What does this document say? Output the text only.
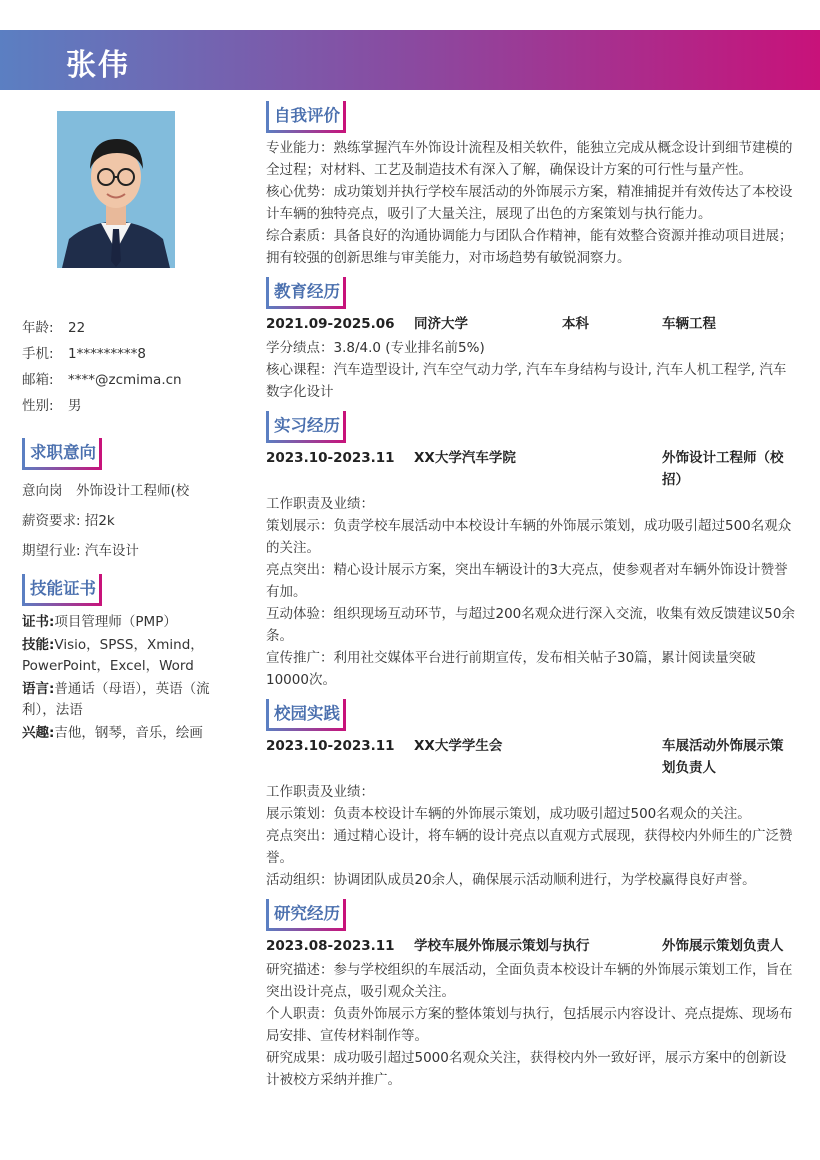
张伟
年龄: 22
手机: 1*********8
邮箱: ****@zcmima.cn
性别: 男
求职意向
意向岗　外饰设计工程师(校
薪资要求: 招2k
期望行业: 汽车设计
技能证书
证书:项目管理师（PMP）
技能:Visio，SPSS，Xmind，PowerPoint，Excel，Word
语言:普通话（母语），英语（流利），法语
兴趣:吉他，钢琴，音乐，绘画
自我评价

专业能力：熟练掌握汽车外饰设计流程及相关软件，能独立完成从概念设计到细节建模的全过程；对材料、工艺及制造技术有深入了解，确保设计方案的可行性与量产性。

核心优势：成功策划并执行学校车展活动的外饰展示方案，精准捕捉并有效传达了本校设计车辆的独特亮点，吸引了大量关注，展现了出色的方案策划与执行能力。

综合素质：具备良好的沟通协调能力与团队合作精神，能有效整合资源并推动项目进展；拥有较强的创新思维与审美能力，对市场趋势有敏锐洞察力。

教育经历
2021.09-2025.06	同济大学	本科	车辆工程

学分绩点：3.8/4.0 (专业排名前5%)

核心课程：汽车造型设计, 汽车空气动力学, 汽车车身结构与设计, 汽车人机工程学, 汽车数字化设计

实习经历
2023.10-2023.11	XX大学汽车学院	外饰设计工程师（校招）

工作职责及业绩：

策划展示：负责学校车展活动中本校设计车辆的外饰展示策划，成功吸引超过500名观众的关注。

亮点突出：精心设计展示方案，突出车辆设计的3大亮点，使参观者对车辆外饰设计赞誉有加。

互动体验：组织现场互动环节，与超过200名观众进行深入交流，收集有效反馈建议50余条。

宣传推广：利用社交媒体平台进行前期宣传，发布相关帖子30篇，累计阅读量突破10000次。

校园实践
2023.10-2023.11	XX大学学生会	车展活动外饰展示策划负责人

工作职责及业绩：

展示策划：负责本校设计车辆的外饰展示策划，成功吸引超过500名观众的关注。

亮点突出：通过精心设计，将车辆的设计亮点以直观方式展现，获得校内外师生的广泛赞誉。

活动组织：协调团队成员20余人，确保展示活动顺利进行，为学校赢得良好声誉。

研究经历
2023.08-2023.11	学校车展外饰展示策划与执行	外饰展示策划负责人

研究描述：参与学校组织的车展活动，全面负责本校设计车辆的外饰展示策划工作，旨在突出设计亮点，吸引观众关注。

个人职责：负责外饰展示方案的整体策划与执行，包括展示内容设计、亮点提炼、现场布局安排、宣传材料制作等。

研究成果：成功吸引超过5000名观众关注，获得校内外一致好评，展示方案中的创新设计被校方采纳并推广。
